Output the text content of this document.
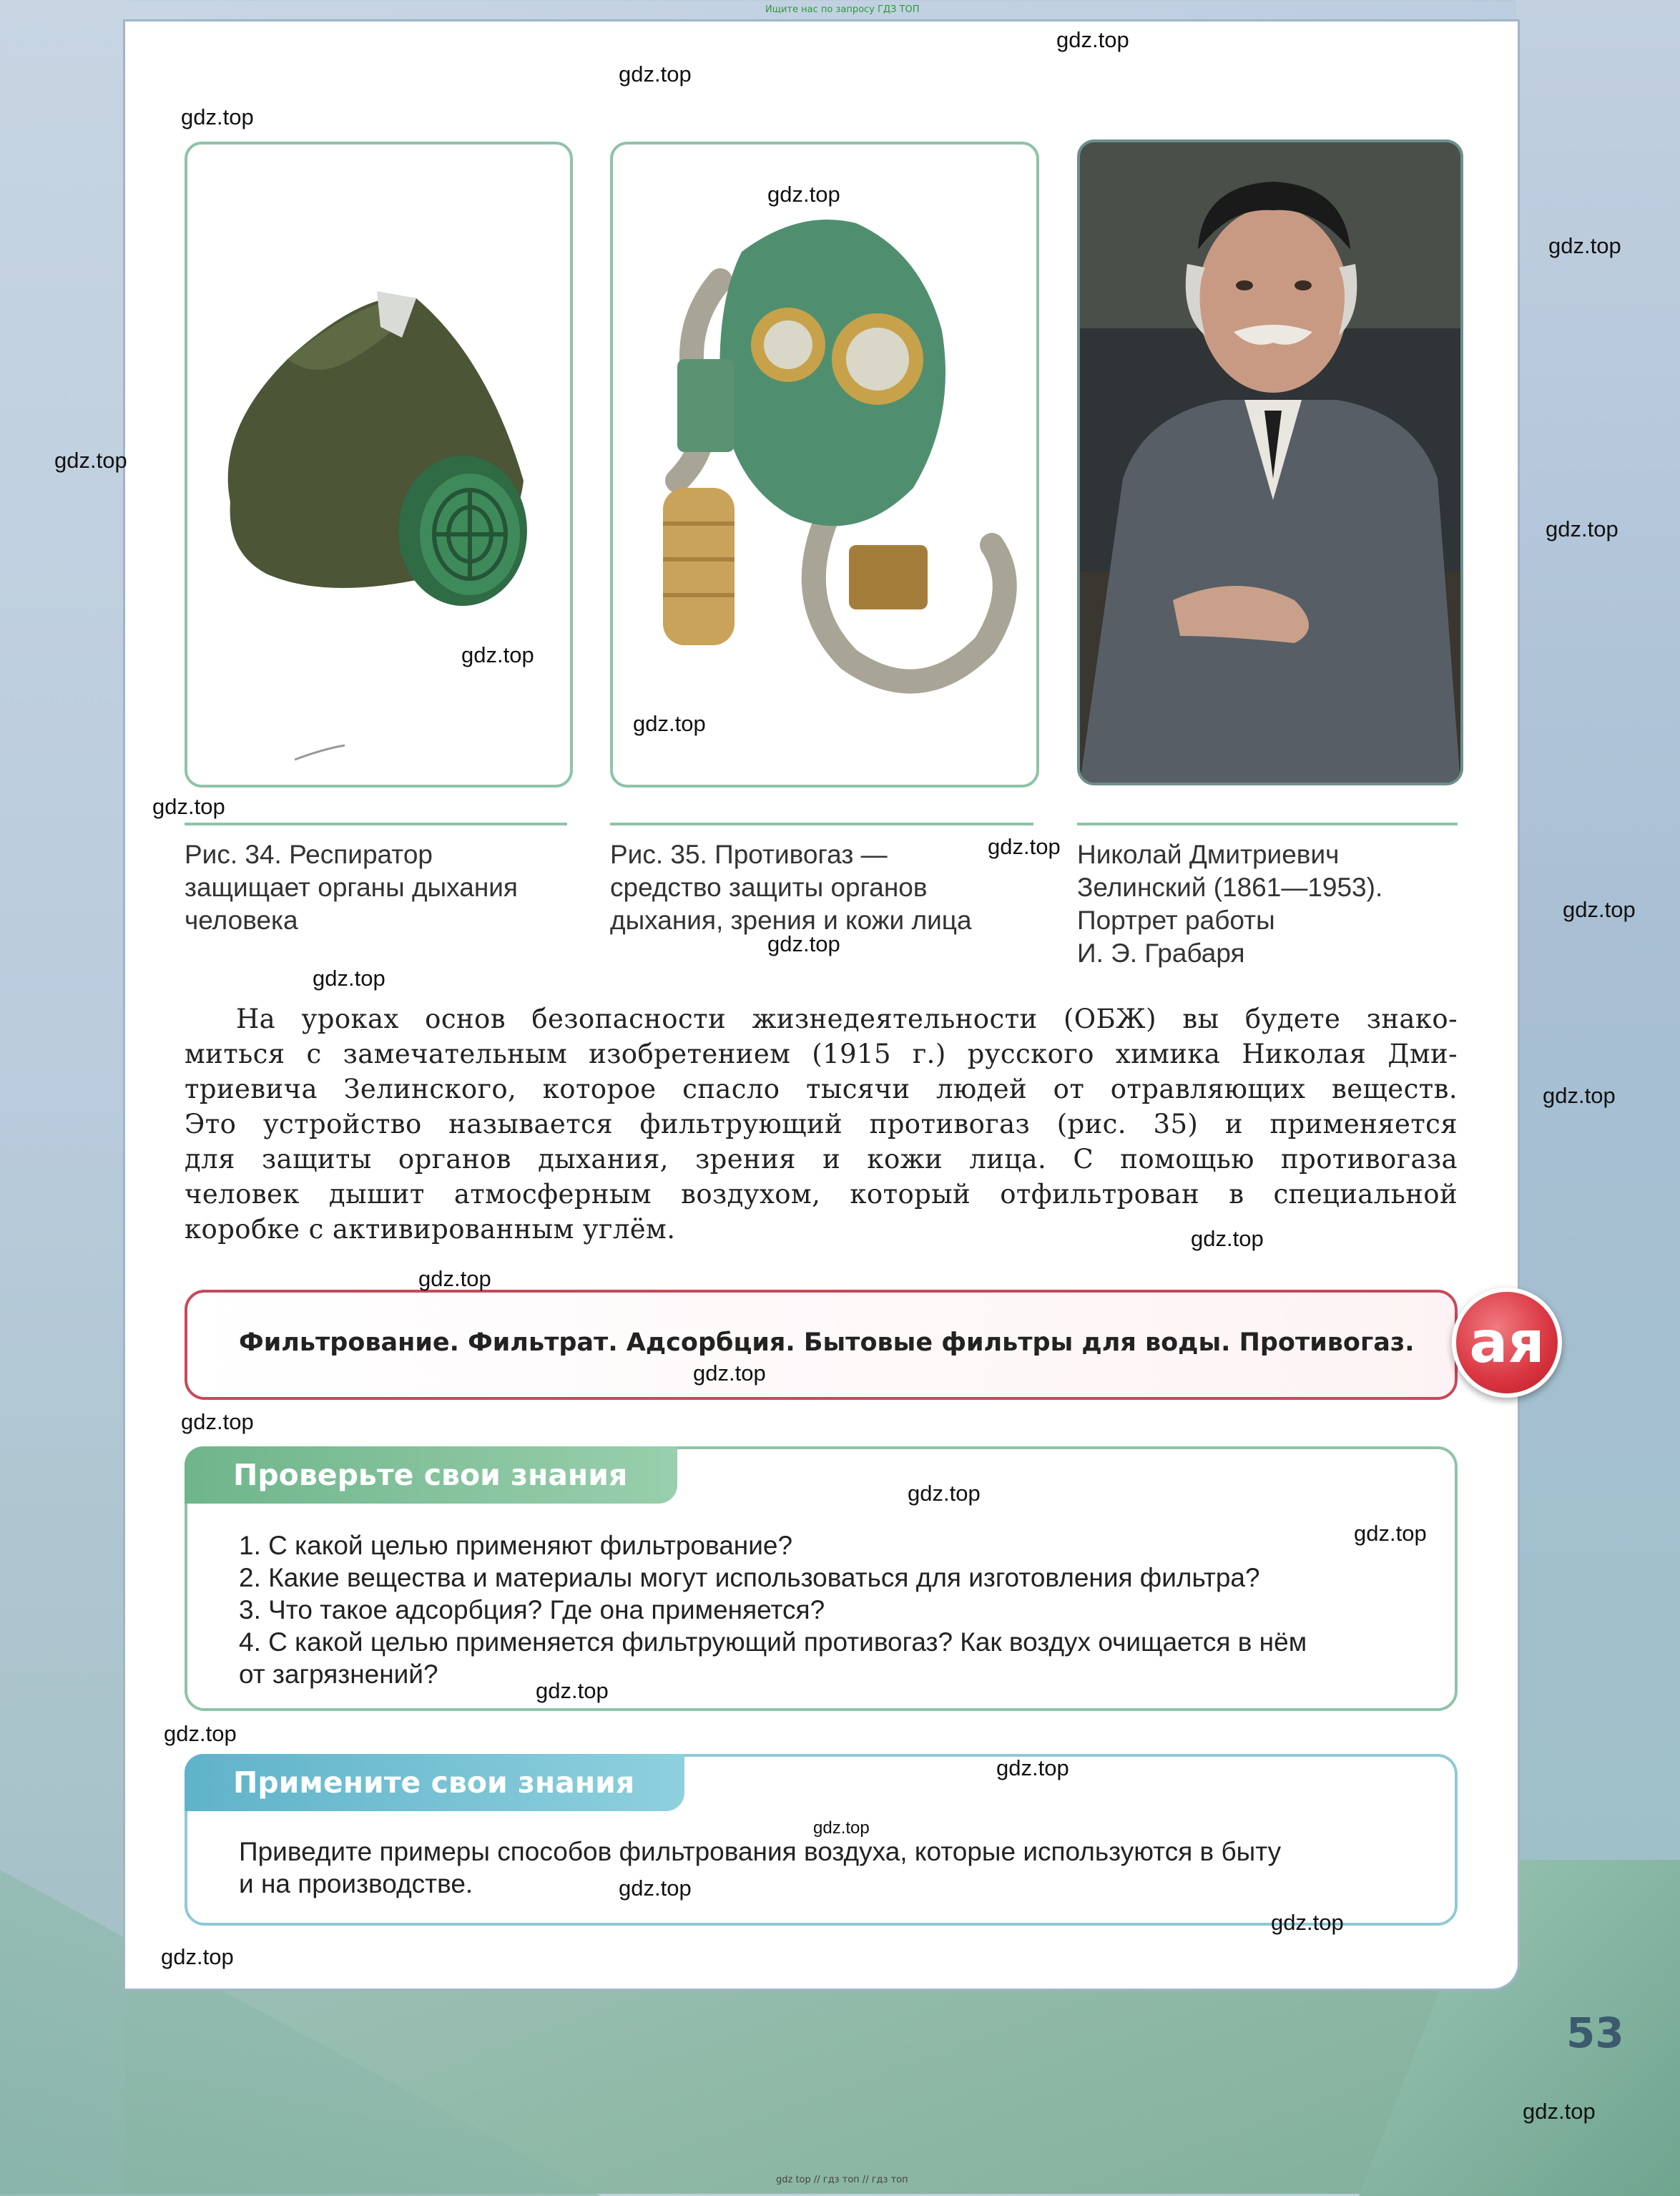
Ищите нас по запросу ГДЗ ТОП
Рис. 34. Респиратор
защищает органы дыхания
человека
Рис. 35. Противогаз —
средство защиты органов
дыхания, зрения и кожи лица
Николай Дмитриевич
Зелинский (1861—1953).
Портрет работы
И. Э. Грабаря
На уроках основ безопасности жизнедеятельности (ОБЖ) вы будете знако-
миться с замечательным изобретением (1915 г.) русского химика Николая Дми-
триевича Зелинского, которое спасло тысячи людей от отравляющих веществ.
Это устройство называется фильтрующий противогаз (рис. 35) и применяется
для защиты органов дыхания, зрения и кожи лица. С помощью противогаза
человек дышит атмосферным воздухом, который отфильтрован в специальной
коробке с активированным углём.
Фильтрование. Фильтрат. Адсорбция. Бытовые фильтры для воды. Противогаз. ая
Проверьте свои знания
1. С какой целью применяют фильтрование?
2. Какие вещества и материалы могут использоваться для изготовления фильтра?
3. Что такое адсорбция? Где она применяется?
4. С какой целью применяется фильтрующий противогаз? Как воздух очищается в нём
от загрязнений?
Примените свои знания
Приведите примеры способов фильтрования воздуха, которые используются в быту
и на производстве.
53
gdz.top
gdz.top
gdz.top
gdz.top
gdz.top
gdz.top
gdz.top
gdz.top
gdz.top
gdz.top
gdz.top
gdz.top
gdz.top
gdz.top
gdz.top
gdz.top
gdz.top
gdz.top
gdz.top
gdz.top
gdz.top
gdz.top
gdz.top
gdz.top
gdz.top
gdz.top
gdz.top
gdz.top
gdz.top
gdz top // гдз топ // гдз топ
